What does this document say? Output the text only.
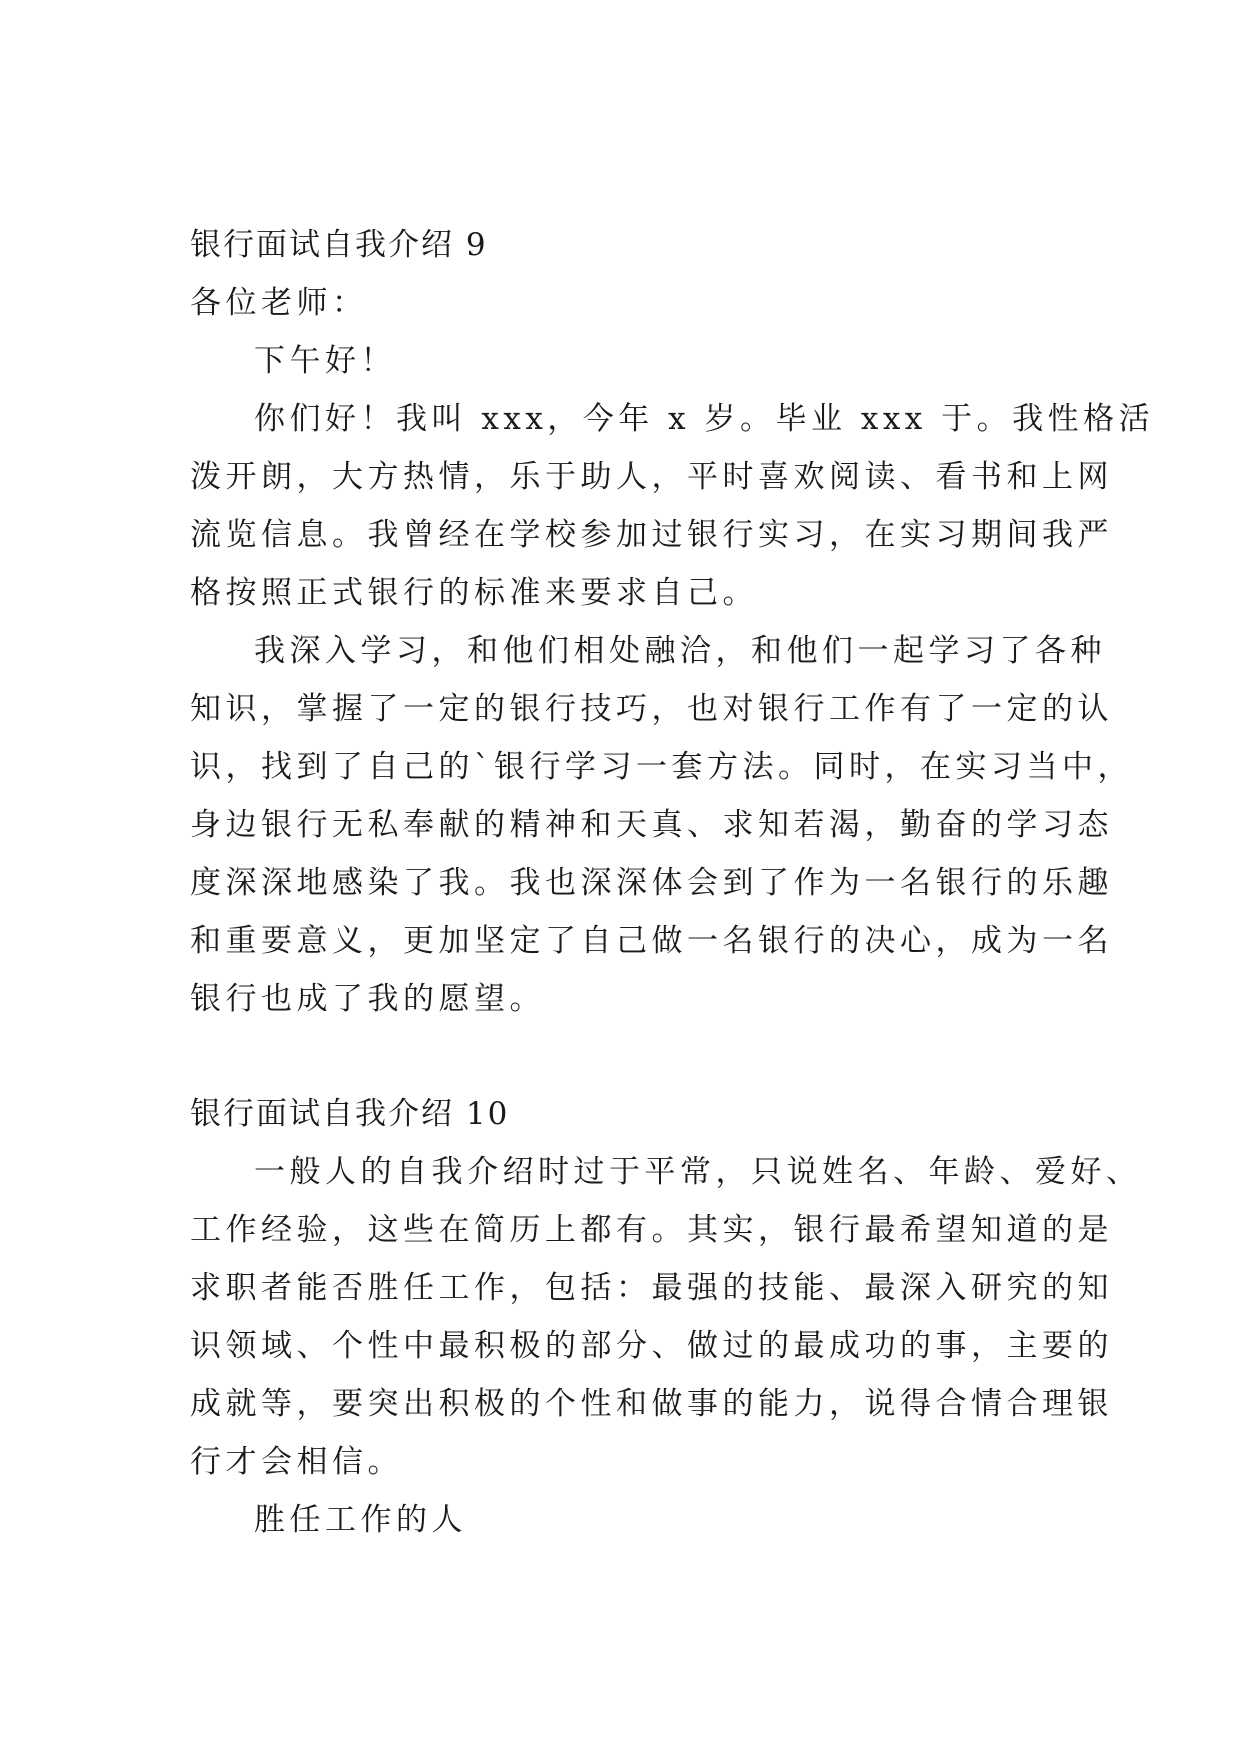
银行面试自我介绍 9
各位老师：
下午好！
你们好！我叫 xxx，今年 x 岁。毕业 xxx 于。我性格活
泼开朗，大方热情，乐于助人，平时喜欢阅读、看书和上网
流览信息。我曾经在学校参加过银行实习，在实习期间我严
格按照正式银行的标准来要求自己。
我深入学习，和他们相处融洽，和他们一起学习了各种
知识，掌握了一定的银行技巧，也对银行工作有了一定的认
识，找到了自己的`银行学习一套方法。同时，在实习当中，
身边银行无私奉献的精神和天真、求知若渴，勤奋的学习态
度深深地感染了我。我也深深体会到了作为一名银行的乐趣
和重要意义，更加坚定了自己做一名银行的决心，成为一名
银行也成了我的愿望。
银行面试自我介绍 10
一般人的自我介绍时过于平常，只说姓名、年龄、爱好、
工作经验，这些在简历上都有。其实，银行最希望知道的是
求职者能否胜任工作，包括：最强的技能、最深入研究的知
识领域、个性中最积极的部分、做过的最成功的事，主要的
成就等，要突出积极的个性和做事的能力，说得合情合理银
行才会相信。
胜任工作的人
